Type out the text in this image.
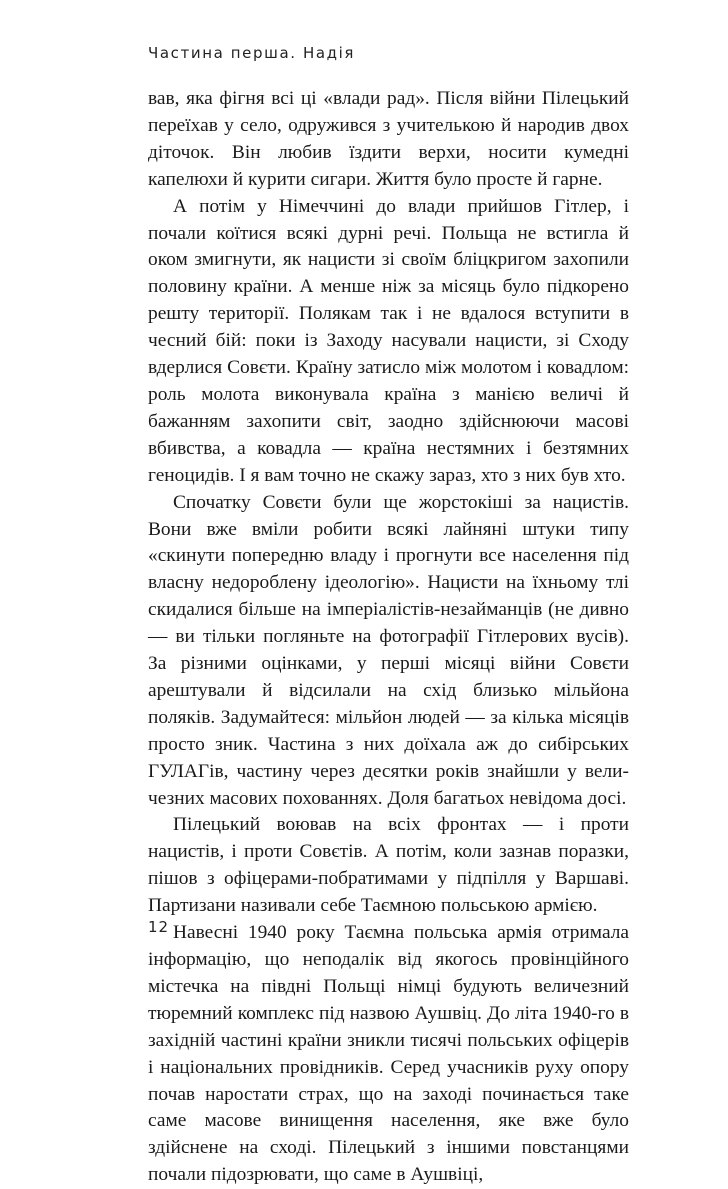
Частина перша. Надія

вав, яка фігня всі ці «влади рад». Після війни Пілецький переїхав у село, одружився з учителькою й народив двох діточок. Він любив їздити верхи, носити кумедні капелюхи й курити сигари. Життя було просте й гарне.

А потім у Німеччині до влади прийшов Гітлер, і почали коїтися всякі дурні речі. Польща не встигла й оком змигнути, як нацисти зі своїм бліцкригом захопили половину країни. А менше ніж за місяць було підкорено решту території. Полякам так і не вдалося вступити в чесний бій: поки із Заходу насували нацисти, зі Сходу вдерлися Совєти. Країну затисло між молотом і ковадлом: роль молота виконувала країна з манією величі й бажанням захопити світ, заодно здійснюючи масові вбивства, а ковадла — країна нестямних і безтямних геноцидів. І я вам точно не скажу зараз, хто з них був хто.

Спочатку Совєти були ще жорстокіші за нацистів. Вони вже вміли робити всякі лайняні штуки типу «скинути попередню владу і прогнути все населення під власну недороблену ідеологію». Нацисти на їхньому тлі скидалися більше на імперіалістів-незайманців (не дивно — ви тільки погляньте на фотографії Гітлерових вусів). За різними оцінками, у перші місяці війни Совєти арештували й відсилали на схід близько мільйона поляків. Задумайтеся: мільйон людей — за кілька місяців просто зник. Частина з них доїхала аж до сибірських ГУЛАГів, частину через десятки років знайшли у величезних масових похованнях. Доля багатьох невідома досі.

Пілецький воював на всіх фронтах — і проти нацистів, і проти Совєтів. А потім, коли зазнав поразки, пішов з офіцерами-побратимами у підпілля у Варшаві. Партизани називали себе Таємною польською армією.

Навесні 1940 року Таємна польська армія отримала інформацію, що неподалік від якогось провінційного містечка на півдні Польщі німці будують величезний тюремний комплекс під назвою Аушвіц. До літа 1940-го в західній частині країни зникли тисячі польських офіцерів і національних провідників. Серед учасників руху опору почав наростати страх, що на заході починається таке саме масове винищення населення, яке вже було здійснене на сході. Пілецький з іншими повстанцями почали підозрювати, що саме в Аушвіці,

12
